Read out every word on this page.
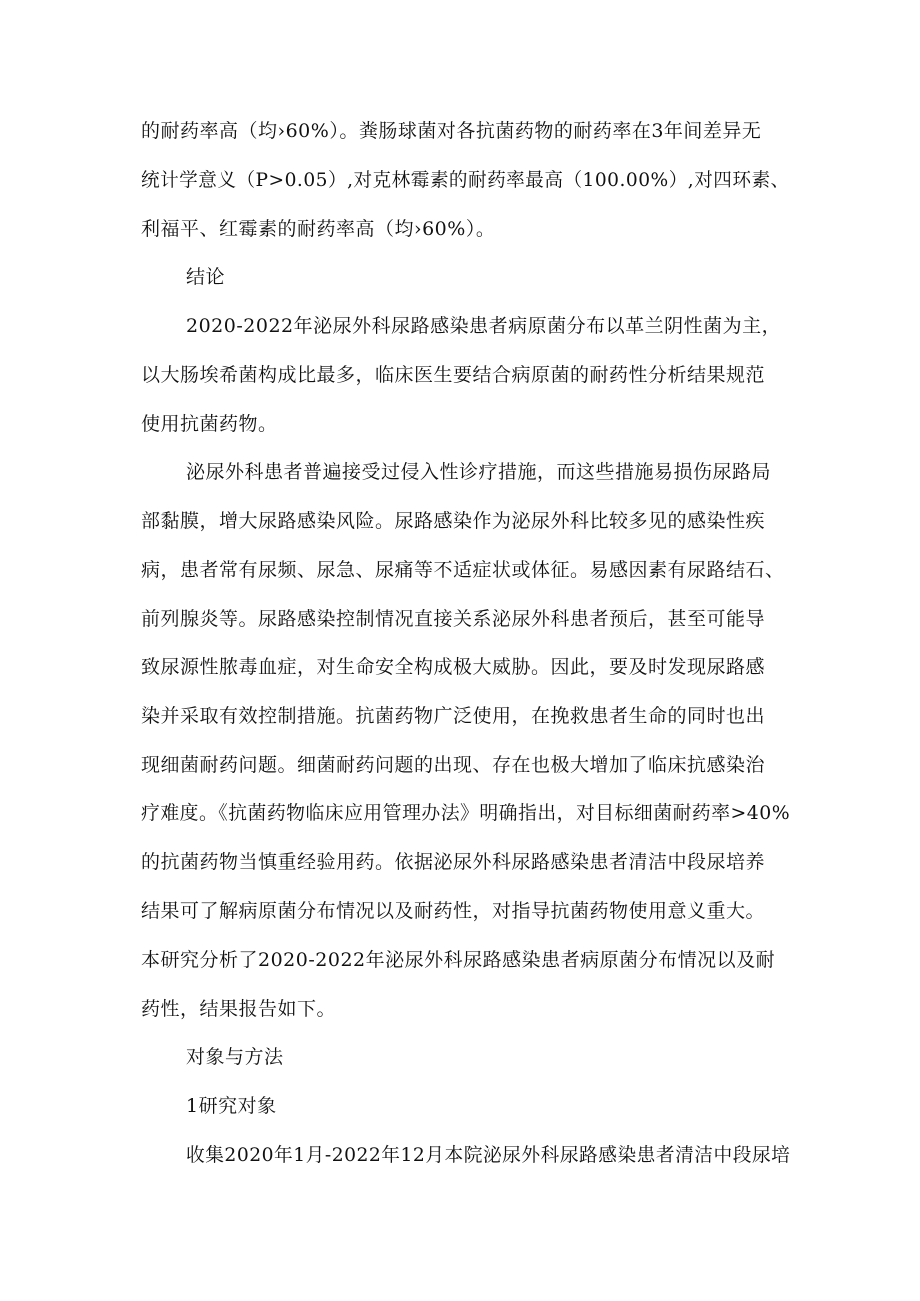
的耐药率高（均›60%）。粪肠球菌对各抗菌药物的耐药率在3年间差异无
统计学意义（P>0.05）,对克林霉素的耐药率最高（100.00%）,对四环素、
利福平、红霉素的耐药率高（均›60%）。
结论
2020-2022年泌尿外科尿路感染患者病原菌分布以革兰阴性菌为主，
以大肠埃希菌构成比最多，临床医生要结合病原菌的耐药性分析结果规范
使用抗菌药物。
泌尿外科患者普遍接受过侵入性诊疗措施，而这些措施易损伤尿路局
部黏膜，增大尿路感染风险。尿路感染作为泌尿外科比较多见的感染性疾
病，患者常有尿频、尿急、尿痛等不适症状或体征。易感因素有尿路结石、
前列腺炎等。尿路感染控制情况直接关系泌尿外科患者预后，甚至可能导
致尿源性脓毒血症，对生命安全构成极大威胁。因此，要及时发现尿路感
染并采取有效控制措施。抗菌药物广泛使用，在挽救患者生命的同时也出
现细菌耐药问题。细菌耐药问题的出现、存在也极大增加了临床抗感染治
疗难度。《抗菌药物临床应用管理办法》明确指出，对目标细菌耐药率>40%
的抗菌药物当慎重经验用药。依据泌尿外科尿路感染患者清洁中段尿培养
结果可了解病原菌分布情况以及耐药性，对指导抗菌药物使用意义重大。
本研究分析了2020-2022年泌尿外科尿路感染患者病原菌分布情况以及耐
药性，结果报告如下。
对象与方法
1研究对象
收集2020年1月-2022年12月本院泌尿外科尿路感染患者清洁中段尿培
